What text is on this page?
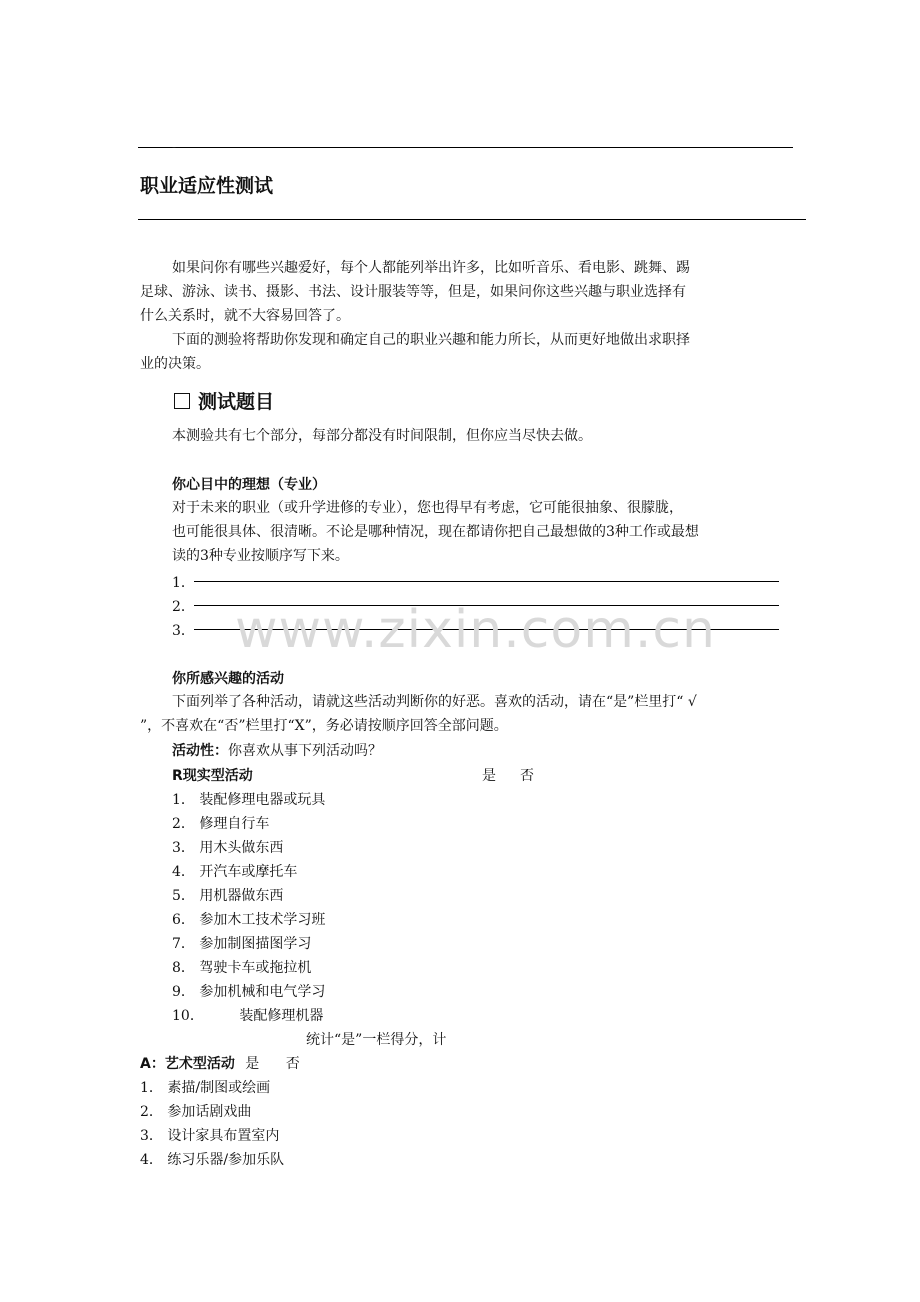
-
职业适应性测试
如果问你有哪些兴趣爱好，每个人都能列举出许多，比如听音乐、看电影、跳舞、踢
足球、游泳、读书、摄影、书法、设计服装等等，但是，如果问你这些兴趣与职业选择有
什么关系时，就不大容易回答了。
下面的测验将帮助你发现和确定自己的职业兴趣和能力所长，从而更好地做出求职择
业的决策。
测试题目
本测验共有七个部分，每部分都没有时间限制，但你应当尽快去做。
你心目中的理想（专业）
对于未来的职业（或升学进修的专业），您也得早有考虑，它可能很抽象、很朦胧，
也可能很具体、很清晰。不论是哪种情况，现在都请你把自己最想做的3种工作或最想
读的3种专业按顺序写下来。
1．
2．
3． www.zixin.com.cn
你所感兴趣的活动
下面列举了各种活动，请就这些活动判断你的好恶。喜欢的活动，请在“是”栏里打“ √
”，不喜欢在“否”栏里打“X”，务必请按顺序回答全部问题。
活动性：你喜欢从事下列活动吗？
R现实型活动	是 否
1． 装配修理电器或玩具
2． 修理自行车
3． 用木头做东西
4． 开汽车或摩托车
5． 用机器做东西
6． 参加木工技术学习班
7． 参加制图描图学习
8． 驾驶卡车或拖拉机
9． 参加机械和电气学习
10．        装配修理机器
统计“是”一栏得分，计
A：艺术型活动 是 否
1． 素描/制图或绘画
2． 参加话剧戏曲
3． 设计家具布置室内
4． 练习乐器/参加乐队
